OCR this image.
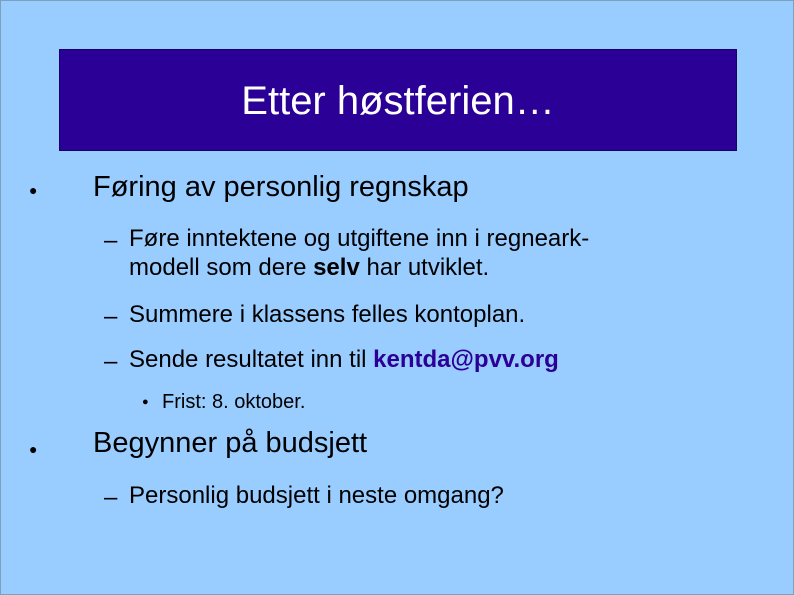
Etter høstferien…
● Føring av personlig regnskap
– Føre inntektene og utgiftene inn i regneark-
modell som dere selv har utviklet.
– Summere i klassens felles kontoplan.
– Sende resultatet inn til kentda@pvv.org
● Frist: 8. oktober.
● Begynner på budsjett
– Personlig budsjett i neste omgang?
